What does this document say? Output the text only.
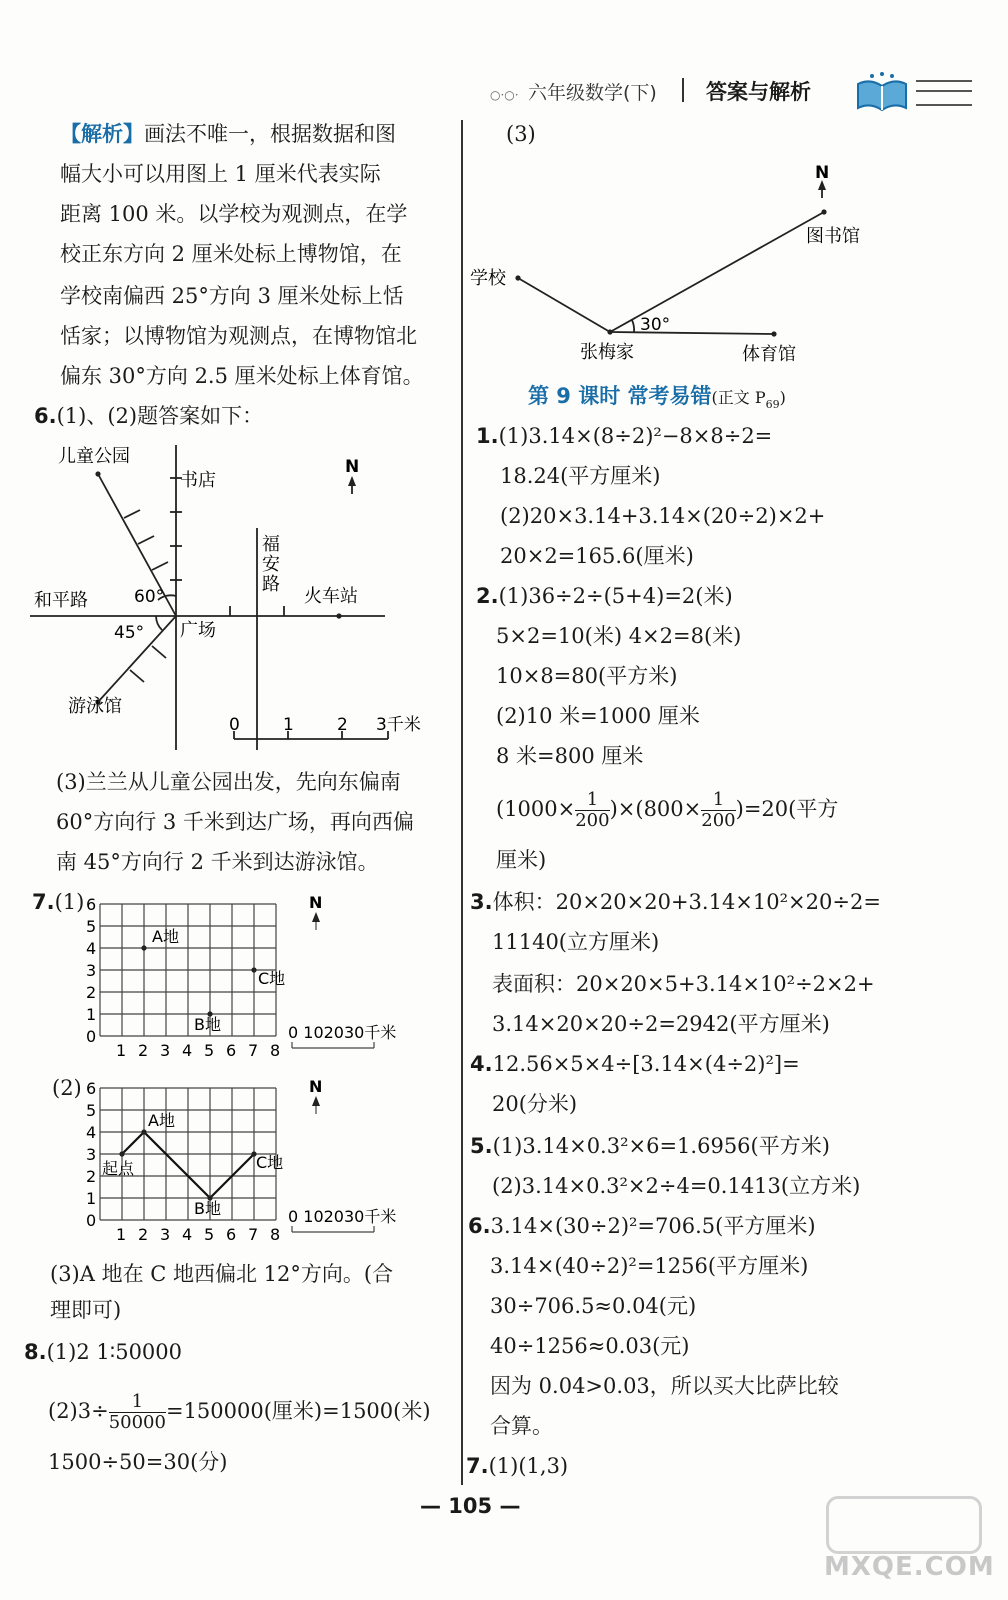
○·○· 六年级数学(下) 答案与解析
【解析】画法不唯一，根据数据和图
幅大小可以用图上 1 厘米代表实际
距离 100 米。以学校为观测点，在学
校正东方向 2 厘米处标上博物馆，在
学校南偏西 25°方向 3 厘米处标上恬
恬家；以博物馆为观测点，在博物馆北
偏东 30°方向 2.5 厘米处标上体育馆。
6.(1)、(2)题答案如下：
儿童公园
书店
N
福
安
路
火车站
和平路	60°
45° 广场
游泳馆
0	1	2 3千米
(3)兰兰从儿童公园出发，先向东偏南
60°方向行 3 千米到达广场，再向西偏
南 45°方向行 2 千米到达游泳馆。
7.(1)
0
1
2
3
4
5
6
1 2 3 4 5 6 7 8
A地
C地
B地
N
0 102030千米
(2)
0
1
2
3
4
5
6
1 2 3 4 5 6 7 8
A地
起点	C地
B地
N
0 102030千米
(3)A 地在 C 地西偏北 12°方向。(合
理即可)
8.(1)2 1∶50000
$(2)3\div \frac{1}{50000} =150000$(厘米)=1500(米)
1500÷50=30(分)
(3)
N
图书馆
学校
30°
张梅家	体育馆
第 9 课时 常考易错(正文 $P_{69}$)
1.(1)3.14×(8÷2)²−8×8÷2=
18.24(平方厘米)
(2)20×3.14+3.14×(20÷2)×2+
20×2=165.6(厘米)
2.(1)36÷2÷(5+4)=2(米)
5×2=10(米) 4×2=8(米)
10×8=80(平方米)
(2)10 米=1000 厘米
8 米=800 厘米
$(1000\times \frac{1}{200} )\times(800\times \frac{1}{200} )=20$(平方
厘米)
3.体积：20×20×20+3.14×10²×20÷2=
11140(立方厘米)
表面积：20×20×5+3.14×10²÷2×2+
3.14×20×20÷2=2942(平方厘米)
4.12.56×5×4÷[3.14×(4÷2)²]=
20(分米)
5.(1)3.14×0.3²×6=1.6956(平方米)
(2)3.14×0.3²×2÷4=0.1413(立方米)
6.3.14×(30÷2)²=706.5(平方厘米)
3.14×(40÷2)²=1256(平方厘米)
30÷706.5≈0.04(元)
40÷1256≈0.03(元)
因为 0.04>0.03，所以买大比萨比较
合算。
7.(1)(1,3)
— 105 —
MXQE.COM
